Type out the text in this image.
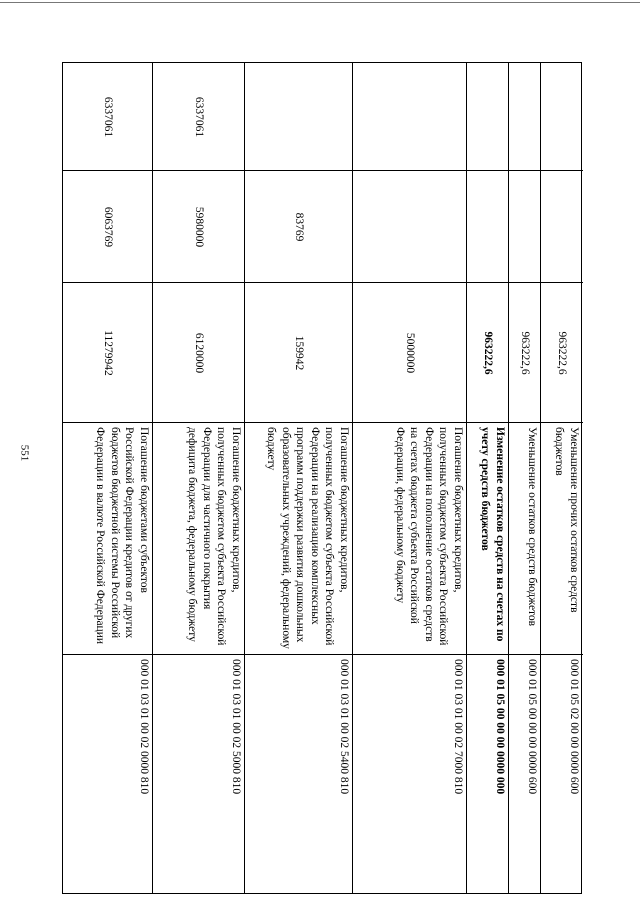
551
6337061
6063769
11279942
Погашение бюджетами субъектов Российской Федерации кредитов от других бюджетов бюджетной системы Российской Федерации в валюте Российской Федерации
000 01 03 01 00 02 0000 810
6337061
5980000
6120000
Погашение бюджетных кредитов, полученных бюджетом субъекта Российской Федерации для частичного покрытия дефицита бюджета, федеральному бюджету
000 01 03 01 00 02 5000 810
83769
159942
Погашение бюджетных кредитов, полученных бюджетом субъекта Российской Федерации на реализацию комплексных программ поддержки развития дошкольных образовательных учреждений, федеральному бюджету
000 01 03 01 00 02 5400 810
5000000
Погашение бюджетных кредитов, полученных бюджетом субъекта Российской Федерации на пополнение остатков средств на счетах бюджета субъекта Российской Федерации, федеральному бюджету
000 01 03 01 00 02 7000 810
963222,6
Изменение остатков средств на счетах по учету средств бюджетов
000 01 05 00 00 00 0000 000
963222,6
Уменьшение остатков средств бюджетов
000 01 05 00 00 00 0000 600
963222,6
Уменьшение прочих остатков средств бюджетов
000 01 05 02 00 00 0000 600
